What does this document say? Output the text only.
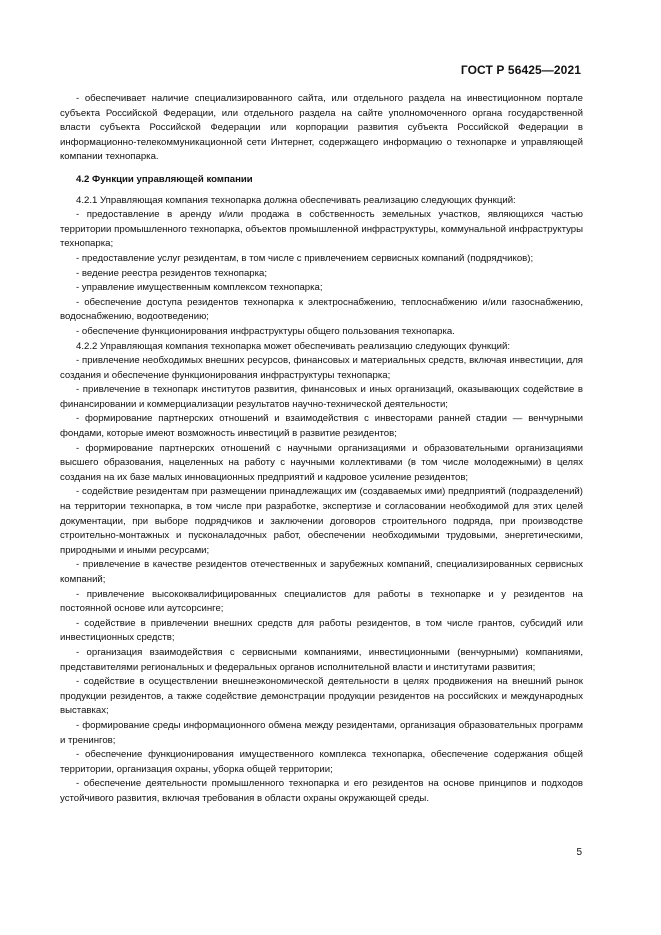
ГОСТ Р 56425—2021

- обеспечивает наличие специализированного сайта, или отдельного раздела на инвестиционном портале субъекта Российской Федерации, или отдельного раздела на сайте уполномоченного органа государственной власти субъекта Российской Федерации или корпорации развития субъекта Российской Федерации в информационно-телекоммуникационной сети Интернет, содержащего информацию о технопарке и управляющей компании технопарка.

4.2 Функции управляющей компании

4.2.1 Управляющая компания технопарка должна обеспечивать реализацию следующих функций:

- предоставление в аренду и/или продажа в собственность земельных участков, являющихся частью территории промышленного технопарка, объектов промышленной инфраструктуры, коммунальной инфраструктуры технопарка;

- предоставление услуг резидентам, в том числе с привлечением сервисных компаний (подрядчиков);

- ведение реестра резидентов технопарка;

- управление имущественным комплексом технопарка;

- обеспечение доступа резидентов технопарка к электроснабжению, теплоснабжению и/или газоснабжению, водоснабжению, водоотведению;

- обеспечение функционирования инфраструктуры общего пользования технопарка.

4.2.2 Управляющая компания технопарка может обеспечивать реализацию следующих функций:

- привлечение необходимых внешних ресурсов, финансовых и материальных средств, включая инвестиции, для создания и обеспечение функционирования инфраструктуры технопарка;

- привлечение в технопарк институтов развития, финансовых и иных организаций, оказывающих содействие в финансировании и коммерциализации результатов научно-технической деятельности;

- формирование партнерских отношений и взаимодействия с инвесторами ранней стадии — венчурными фондами, которые имеют возможность инвестиций в развитие резидентов;

- формирование партнерских отношений с научными организациями и образовательными организациями высшего образования, нацеленных на работу с научными коллективами (в том числе молодежными) в целях создания на их базе малых инновационных предприятий и кадровое усиление резидентов;

- содействие резидентам при размещении принадлежащих им (создаваемых ими) предприятий (подразделений) на территории технопарка, в том числе при разработке, экспертизе и согласовании необходимой для этих целей документации, при выборе подрядчиков и заключении договоров строительного подряда, при производстве строительно-монтажных и пусконаладочных работ, обеспечении необходимыми трудовыми, энергетическими, природными и иными ресурсами;

- привлечение в качестве резидентов отечественных и зарубежных компаний, специализированных сервисных компаний;

- привлечение высококвалифицированных специалистов для работы в технопарке и у резидентов на постоянной основе или аутсорсинге;

- содействие в привлечении внешних средств для работы резидентов, в том числе грантов, субсидий или инвестиционных средств;

- организация взаимодействия с сервисными компаниями, инвестиционными (венчурными) компаниями, представителями региональных и федеральных органов исполнительной власти и институтами развития;

- содействие в осуществлении внешнеэкономической деятельности в целях продвижения на внешний рынок продукции резидентов, а также содействие демонстрации продукции резидентов на российских и международных выставках;

- формирование среды информационного обмена между резидентами, организация образовательных программ и тренингов;

- обеспечение функционирования имущественного комплекса технопарка, обеспечение содержания общей территории, организация охраны, уборка общей территории;

- обеспечение деятельности промышленного технопарка и его резидентов на основе принципов и подходов устойчивого развития, включая требования в области охраны окружающей среды.

5
